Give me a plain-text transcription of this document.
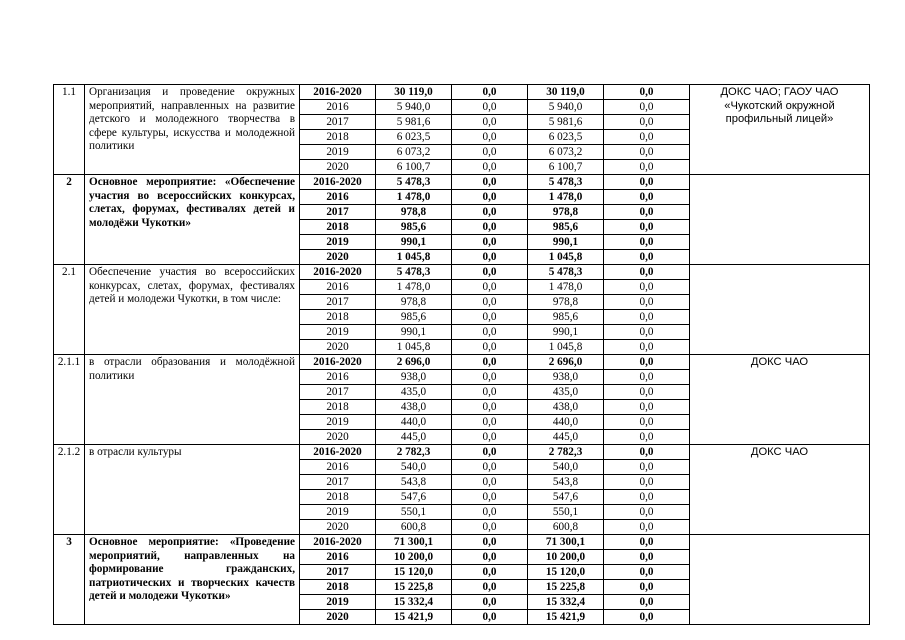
1.1	Организация и проведение окружных мероприятий, направленных на развитие детского и молодежного творчества в сфере культуры, искусства и молодежной политики	2016-2020	30 119,0	0,0	30 119,0	0,0	ДОКС ЧАО; ГАОУ ЧАО «Чукотский окружной профильный лицей»
		2016	5 940,0	0,0	5 940,0	0,0	
		2017	5 981,6	0,0	5 981,6	0,0	
		2018	6 023,5	0,0	6 023,5	0,0	
		2019	6 073,2	0,0	6 073,2	0,0	
		2020	6 100,7	0,0	6 100,7	0,0	
2	Основное мероприятие: «Обеспечение участия во всероссийских конкурсах, слетах, форумах, фестивалях детей и молодёжи Чукотки»	2016-2020	5 478,3	0,0	5 478,3	0,0	
		2016	1 478,0	0,0	1 478,0	0,0	
		2017	978,8	0,0	978,8	0,0	
		2018	985,6	0,0	985,6	0,0	
		2019	990,1	0,0	990,1	0,0	
		2020	1 045,8	0,0	1 045,8	0,0	
2.1	Обеспечение участия во всероссийских конкурсах, слетах, форумах, фестивалях детей и молодежи Чукотки, в том числе:	2016-2020	5 478,3	0,0	5 478,3	0,0	
		2016	1 478,0	0,0	1 478,0	0,0	
		2017	978,8	0,0	978,8	0,0	
		2018	985,6	0,0	985,6	0,0	
		2019	990,1	0,0	990,1	0,0	
		2020	1 045,8	0,0	1 045,8	0,0	
2.1.1	в отрасли образования и молодёжной политики	2016-2020	2 696,0	0,0	2 696,0	0,0	ДОКС ЧАО
		2016	938,0	0,0	938,0	0,0	
		2017	435,0	0,0	435,0	0,0	
		2018	438,0	0,0	438,0	0,0	
		2019	440,0	0,0	440,0	0,0	
		2020	445,0	0,0	445,0	0,0	
2.1.2	в отрасли культуры	2016-2020	2 782,3	0,0	2 782,3	0,0	ДОКС ЧАО
		2016	540,0	0,0	540,0	0,0	
		2017	543,8	0,0	543,8	0,0	
		2018	547,6	0,0	547,6	0,0	
		2019	550,1	0,0	550,1	0,0	
		2020	600,8	0,0	600,8	0,0	
3	Основное мероприятие: «Проведение мероприятий, направленных на формирование гражданских, патриотических и творческих качеств детей и молодежи Чукотки»	2016-2020	71 300,1	0,0	71 300,1	0,0	
		2016	10 200,0	0,0	10 200,0	0,0	
		2017	15 120,0	0,0	15 120,0	0,0	
		2018	15 225,8	0,0	15 225,8	0,0	
		2019	15 332,4	0,0	15 332,4	0,0	
		2020	15 421,9	0,0	15 421,9	0,0	
